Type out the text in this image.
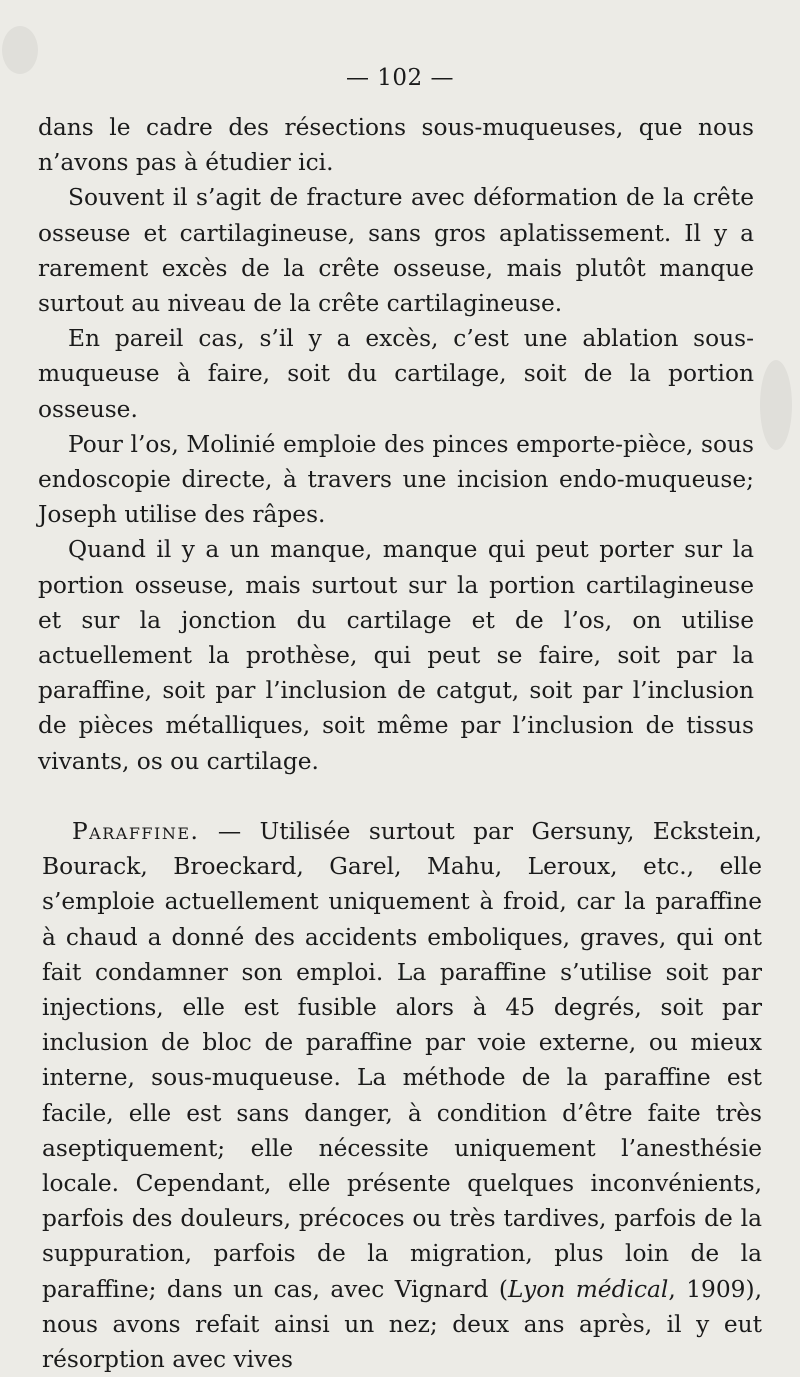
— 102 —

dans le cadre des résections sous-muqueuses, que nous n’avons pas à étudier ici.

Souvent il s’agit de fracture avec déformation de la crête osseuse et cartilagineuse, sans gros aplatissement. Il y a rarement excès de la crête osseuse, mais plutôt manque surtout au niveau de la crête cartilagineuse.

En pareil cas, s’il y a excès, c’est une ablation sous-muqueuse à faire, soit du cartilage, soit de la portion osseuse.

Pour l’os, Molinié emploie des pinces emporte-pièce, sous endoscopie directe, à travers une incision endo-muqueuse; Joseph utilise des râpes.

Quand il y a un manque, manque qui peut porter sur la portion osseuse, mais surtout sur la portion cartilagineuse et sur la jonction du cartilage et de l’os, on utilise actuellement la prothèse, qui peut se faire, soit par la paraffine, soit par l’inclusion de catgut, soit par l’inclusion de pièces métalliques, soit même par l’inclusion de tissus vivants, os ou cartilage.

Paraffine. — Utilisée surtout par Gersuny, Eckstein, Bourack, Broeckard, Garel, Mahu, Leroux, etc., elle s’emploie actuellement uniquement à froid, car la paraffine à chaud a donné des accidents emboliques, graves, qui ont fait condamner son emploi. La paraffine s’utilise soit par injections, elle est fusible alors à 45 degrés, soit par inclusion de bloc de paraffine par voie externe, ou mieux interne, sous-muqueuse. La méthode de la paraffine est facile, elle est sans danger, à condition d’être faite très aseptiquement; elle nécessite uniquement l’anesthésie locale. Cependant, elle présente quelques inconvénients, parfois des douleurs, précoces ou très tardives, parfois de la suppuration, parfois de la migration, plus loin de la paraffine; dans un cas, avec Vignard (Lyon médical, 1909), nous avons refait ainsi un nez; deux ans après, il y eut résorption avec vives
